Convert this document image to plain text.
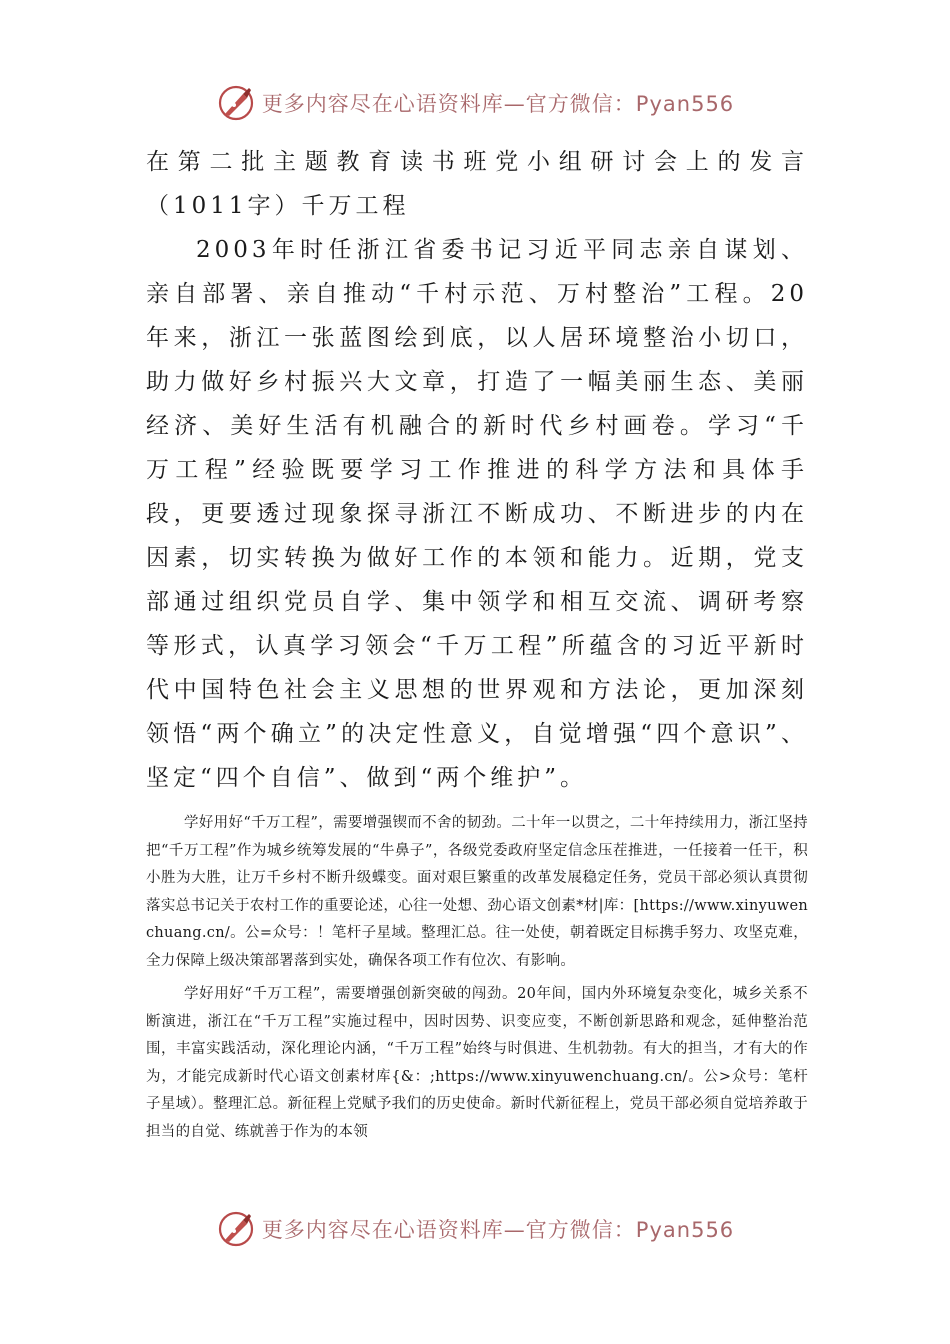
更多内容尽在心语资料库—官方微信：Pyan556

在第二批主题教育读书班党小组研讨会上的发言（1011字）千万工程

2003年时任浙江省委书记习近平同志亲自谋划、亲自部署、亲自推动“千村示范、万村整治”工程。20年来，浙江一张蓝图绘到底，以人居环境整治小切口，助力做好乡村振兴大文章，打造了一幅美丽生态、美丽经济、美好生活有机融合的新时代乡村画卷。学习“千万工程”经验既要学习工作推进的科学方法和具体手段，更要透过现象探寻浙江不断成功、不断进步的内在因素，切实转换为做好工作的本领和能力。近期，党支部通过组织党员自学、集中领学和相互交流、调研考察等形式，认真学习领会“千万工程”所蕴含的习近平新时代中国特色社会主义思想的世界观和方法论，更加深刻领悟“两个确立”的决定性意义，自觉增强“四个意识”、坚定“四个自信”、做到“两个维护”。

学好用好“千万工程”，需要增强锲而不舍的韧劲。二十年一以贯之，二十年持续用力，浙江坚持把“千万工程”作为城乡统筹发展的“牛鼻子”，各级党委政府坚定信念压茬推进，一任接着一任干，积小胜为大胜，让万千乡村不断升级蝶变。面对艰巨繁重的改革发展稳定任务，党员干部必须认真贯彻落实总书记关于农村工作的重要论述，心往一处想、劲心语文创素*材|库：[https://www.xinyuwenchuang.cn/。公=众号：！笔杆子星域。整理汇总。往一处使，朝着既定目标携手努力、攻坚克难，全力保障上级决策部署落到实处，确保各项工作有位次、有影响。

学好用好“千万工程”，需要增强创新突破的闯劲。20年间，国内外环境复杂变化，城乡关系不断演进，浙江在“千万工程”实施过程中，因时因势、识变应变，不断创新思路和观念，延伸整治范围，丰富实践活动，深化理论内涵，“千万工程”始终与时俱进、生机勃勃。有大的担当，才有大的作为，才能完成新时代心语文创素材库{&：;https://www.xinyuwenchuang.cn/。公>众号：笔杆子星域）。整理汇总。新征程上党赋予我们的历史使命。新时代新征程上，党员干部必须自觉培养敢于担当的自觉、练就善于作为的本领

更多内容尽在心语资料库—官方微信：Pyan556
